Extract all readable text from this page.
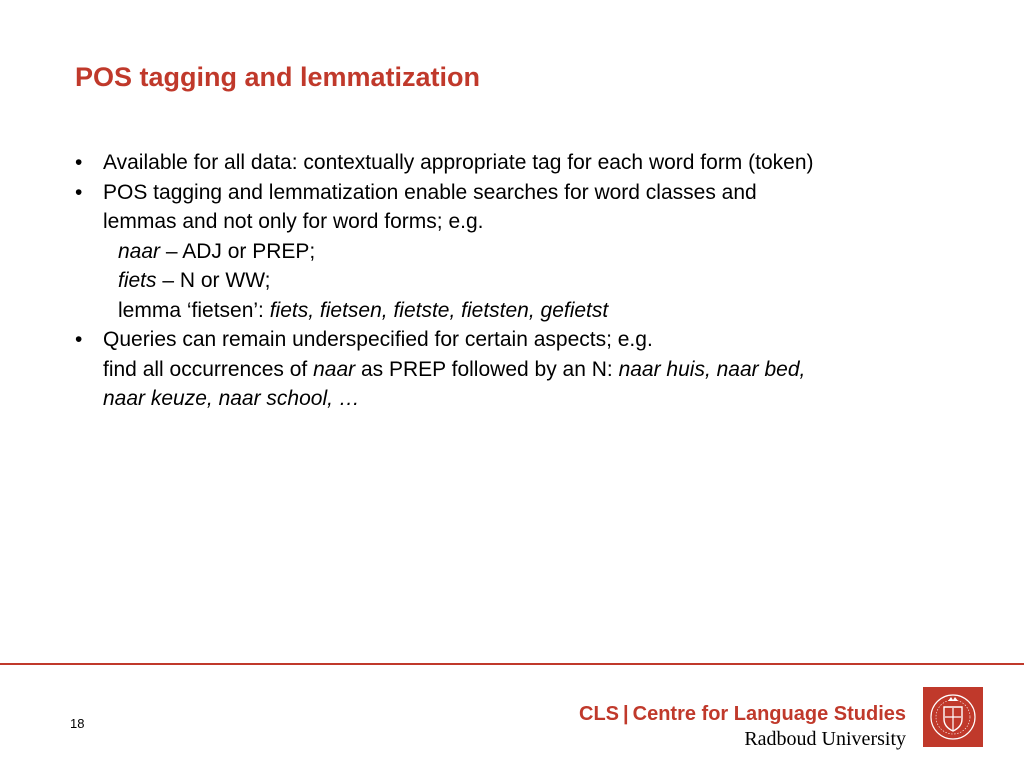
POS tagging and lemmatization
• Available for all data: contextually appropriate tag for each word form (token)
• POS tagging and lemmatization enable searches for word classes and
lemmas and not only for word forms; e.g.
naar – ADJ or PREP;
fiets – N or WW;
lemma ‘fietsen’: fiets, fietsen, fietste, fietsten, gefietst
• Queries can remain underspecified for certain aspects; e.g.
find all occurrences of naar as PREP followed by an N: naar huis, naar bed,
naar keuze, naar school, …
18	CLS | Centre for Language Studies
Radboud University
